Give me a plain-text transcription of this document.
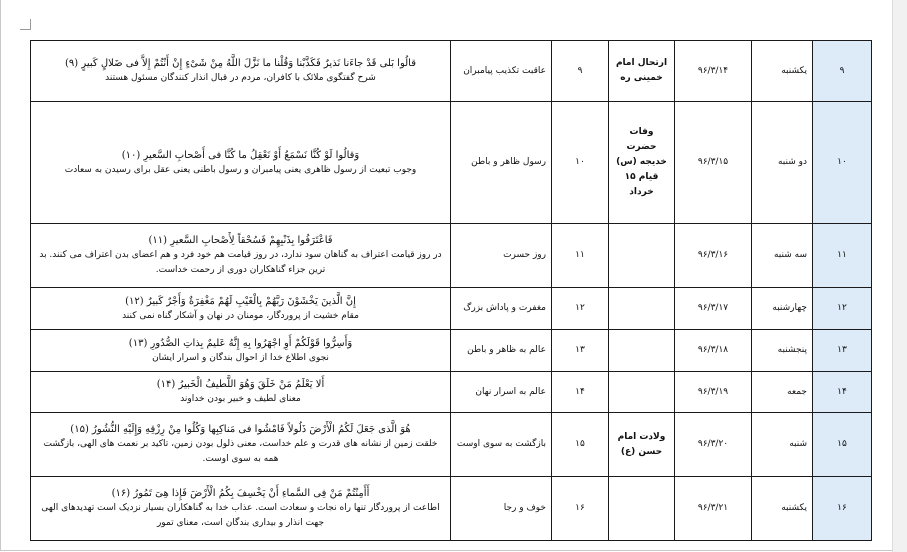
۹	یکشنبه	۹۶/۳/۱۴	ارتحال امام خمینی ره	۹	عاقبت تکذیب پیامبران	قالُوا بَلی قَدْ جاءَنا نَذیرٌ فَکَذَّبْنا وَقُلْنا ما نَزَّلَ اللَّهُ مِنْ شَیْءٍ إِنْ أَنْتُمْ إِلاَّ فی ضَلالٍ کَبیرٍ (۹)
شرح گفتگوی ملائک با کافران، مردم در قبال انذار کنندگان مسئول هستند

۱۰	دو شنبه	۹۶/۳/۱۵	وفات حضرت خدیجه (س) قیام ۱۵ خرداد	۱۰	رسول ظاهر و باطن	وَقالُوا لَوْ کُنَّا نَسْمَعُ أَوْ نَعْقِلُ ما کُنَّا فی أَصْحابِ السَّعیرِ (۱۰)
وجوب تبعیت از رسول ظاهری یعنی پیامبران و رسول باطنی یعنی عقل برای رسیدن به سعادت

۱۱	سه شنبه	۹۶/۳/۱۶		۱۱	روز حسرت	فَاعْتَرَفُوا بِذَنْبِهِمْ فَسُحْقاً لِأَصْحابِ السَّعیرِ (۱۱)
در روز قیامت اعتراف به گناهان سود ندارد، در روز قیامت هم خود فرد و هم اعضای بدن اعتراف می کنند. بد ترین جزاء گناهکاران دوری از رحمت خداست.

۱۲	چهارشنبه	۹۶/۳/۱۷		۱۲	مغفرت و پاداش بزرگ	إِنَّ الَّذینَ یَخْشَوْنَ رَبَّهُمْ بِالْغَیْبِ لَهُمْ مَغْفِرَةٌ وَأَجْرٌ کَبیرٌ (۱۲)
مقام خشیت از پروردگار، مومنان در نهان و آشکار گناه نمی کنند

۱۳	پنجشنبه	۹۶/۳/۱۸		۱۳	عالم به ظاهر و باطن	وَأَسِرُّوا قَوْلَکُمْ أَوِ اجْهَرُوا بِهِ إِنَّهُ عَلیمٌ بِذاتِ الصُّدُورِ (۱۳)
نجوی اطلاع خدا از احوال بندگان و اسرار ایشان

۱۴	جمعه	۹۶/۳/۱۹		۱۴	عالم به اسرار نهان	أَلا یَعْلَمُ مَنْ خَلَقَ وَهُوَ اللَّطیفُ الْخَبیرُ (۱۴)
معنای لطیف و خبیر بودن خداوند

۱۵	شنبه	۹۶/۳/۲۰	ولادت امام حسن (ع)	۱۵	بازگشت به سوی اوست	هُوَ الَّذی جَعَلَ لَکُمُ الْأَرْضَ ذَلُولاً فَامْشُوا فی مَناکِبِها وَکُلُوا مِنْ رِزْقِهِ وَإِلَیْهِ النُّشُورُ (۱۵)
خلقت زمین از نشانه های قدرت و علم خداست، معنی ذلول بودن زمین، تاکید بر نعمت های الهی، بازگشت همه به سوی اوست.

۱۶	یکشنبه	۹۶/۳/۲۱		۱۶	خوف و رجا	أَأَمِنْتُمْ مَنْ فِی السَّماءِ أَنْ یَخْسِفَ بِکُمُ الْأَرْضَ فَإِذا هِیَ تَمُورُ (۱۶)
اطاعت از پروردگار تنها راه نجات و سعادت است. عذاب خدا به گناهکاران بسیار نزدیک است تهدیدهای الهی جهت انذار و بیداری بندگان است، معنای تمور
